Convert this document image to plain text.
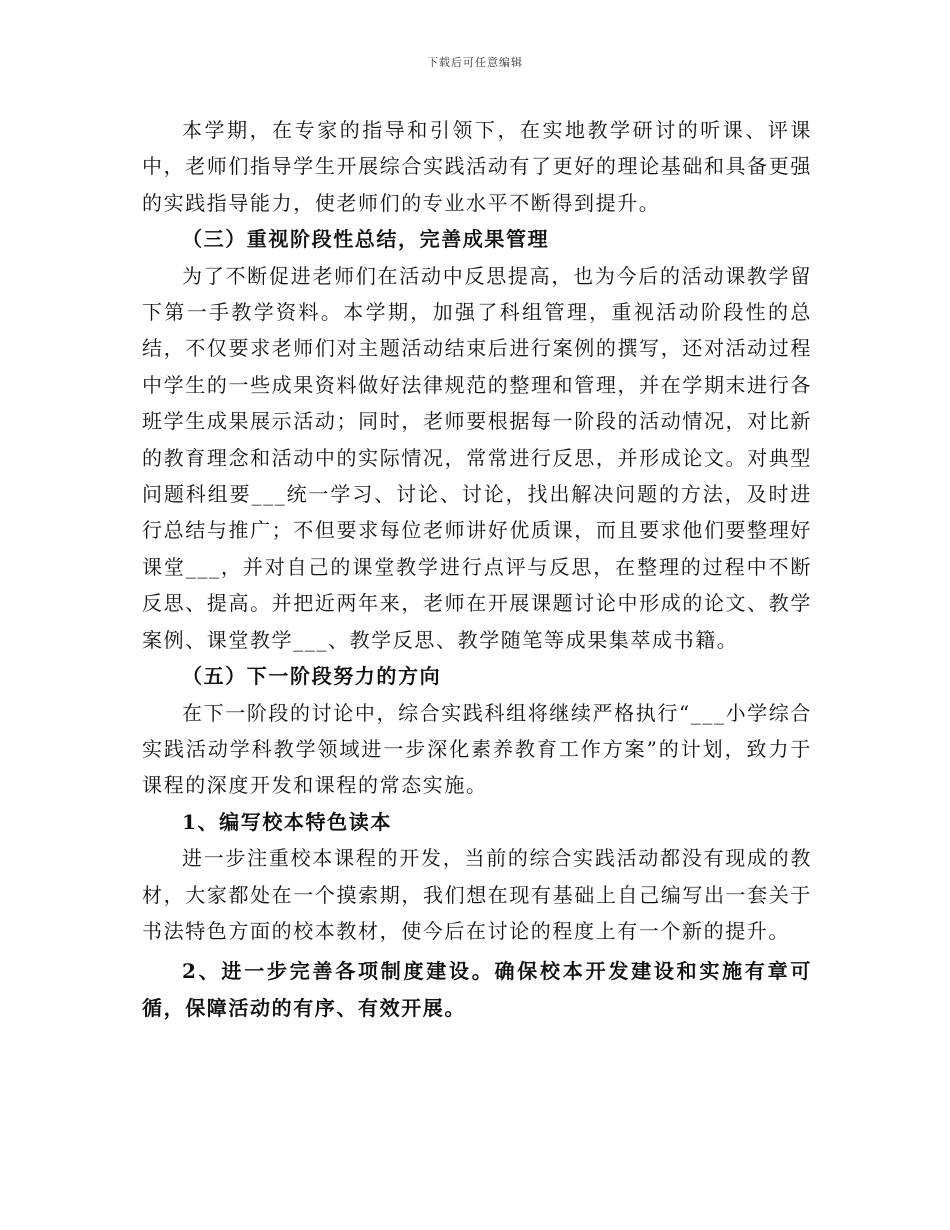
下载后可任意编辑

本学期，在专家的指导和引领下，在实地教学研讨的听课、评课中，老师们指导学生开展综合实践活动有了更好的理论基础和具备更强的实践指导能力，使老师们的专业水平不断得到提升。

（三）重视阶段性总结，完善成果管理

为了不断促进老师们在活动中反思提高，也为今后的活动课教学留下第一手教学资料。本学期，加强了科组管理，重视活动阶段性的总结，不仅要求老师们对主题活动结束后进行案例的撰写，还对活动过程中学生的一些成果资料做好法律规范的整理和管理，并在学期末进行各班学生成果展示活动；同时，老师要根据每一阶段的活动情况，对比新的教育理念和活动中的实际情况，常常进行反思，并形成论文。对典型问题科组要___统一学习、讨论、讨论，找出解决问题的方法，及时进行总结与推广；不但要求每位老师讲好优质课，而且要求他们要整理好课堂___，并对自己的课堂教学进行点评与反思，在整理的过程中不断反思、提高。并把近两年来，老师在开展课题讨论中形成的论文、教学案例、课堂教学___、教学反思、教学随笔等成果集萃成书籍。

（五）下一阶段努力的方向

在下一阶段的讨论中，综合实践科组将继续严格执行“___小学综合实践活动学科教学领域进一步深化素养教育工作方案”的计划，致力于课程的深度开发和课程的常态实施。

1、编写校本特色读本

进一步注重校本课程的开发，当前的综合实践活动都没有现成的教材，大家都处在一个摸索期，我们想在现有基础上自己编写出一套关于书法特色方面的校本教材，使今后在讨论的程度上有一个新的提升。

2、进一步完善各项制度建设。确保校本开发建设和实施有章可循，保障活动的有序、有效开展。
